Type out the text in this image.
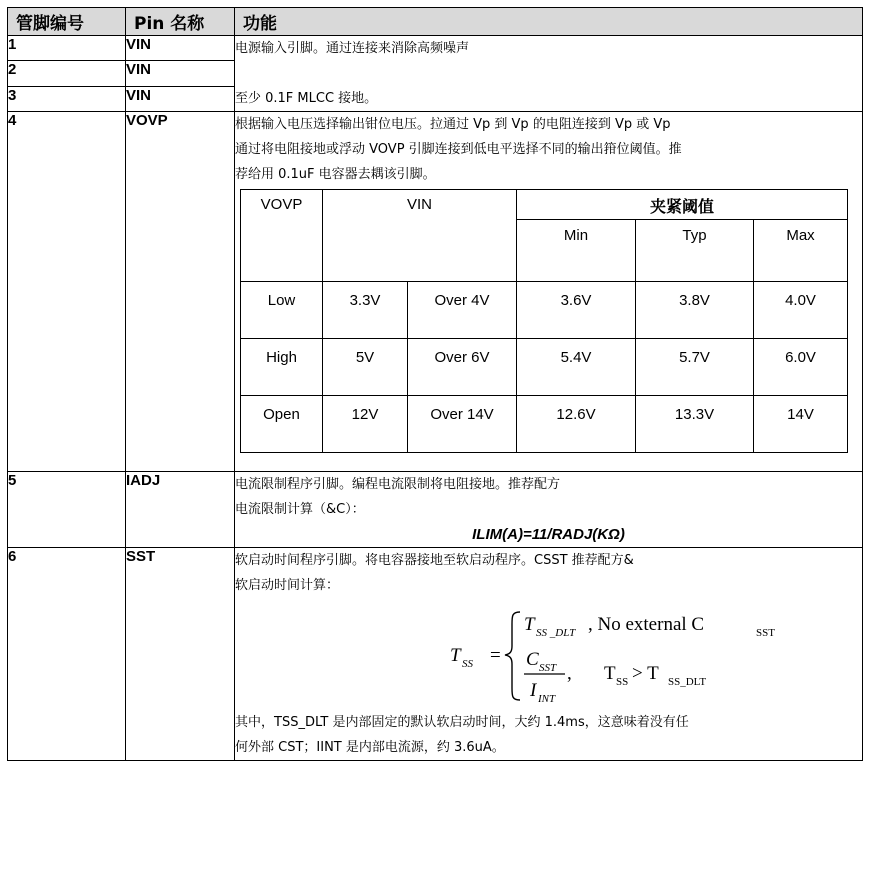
管脚编号	Pin 名称	功能
1	VIN	电源输入引脚。通过连接来消除高频噪声
至少 0.1F MLCC 接地。

2	VIN
3	VIN
4	VOVP	根据输入电压选择输出钳位电压。拉通过 Vp 到 Vp 的电阻连接到 Vp 或 Vp
通过将电阻接地或浮动 VOVP 引脚连接到低电平选择不同的输出箝位阈值。推
荐给用 0.1uF 电容器去耦该引脚。
VOVP	VIN	夹紧阈值
Min	Typ	Max
Low	3.3V	Over 4V	3.6V	3.8V	4.0V
High	5V	Over 6V	5.4V	5.7V	6.0V
Open	12V	Over 14V	12.6V	13.3V	14V

5	IADJ	电流限制程序引脚。编程电流限制将电阻接地。推荐配方
电流限制计算（&C）：
ILIM(A)=11/RADJ(KΩ)

6	SST	软启动时间程序引脚。将电容器接地至软启动程序。CSST 推荐配方&
软启动时间计算：
T SS =
T SS _DLT , No external C	SST
C SST
I INT
, T SS > T SS_DLT
其中，TSS_DLT 是内部固定的默认软启动时间，大约 1.4ms，这意味着没有任
何外部 CST；IINT 是内部电流源，约 3.6uA。
